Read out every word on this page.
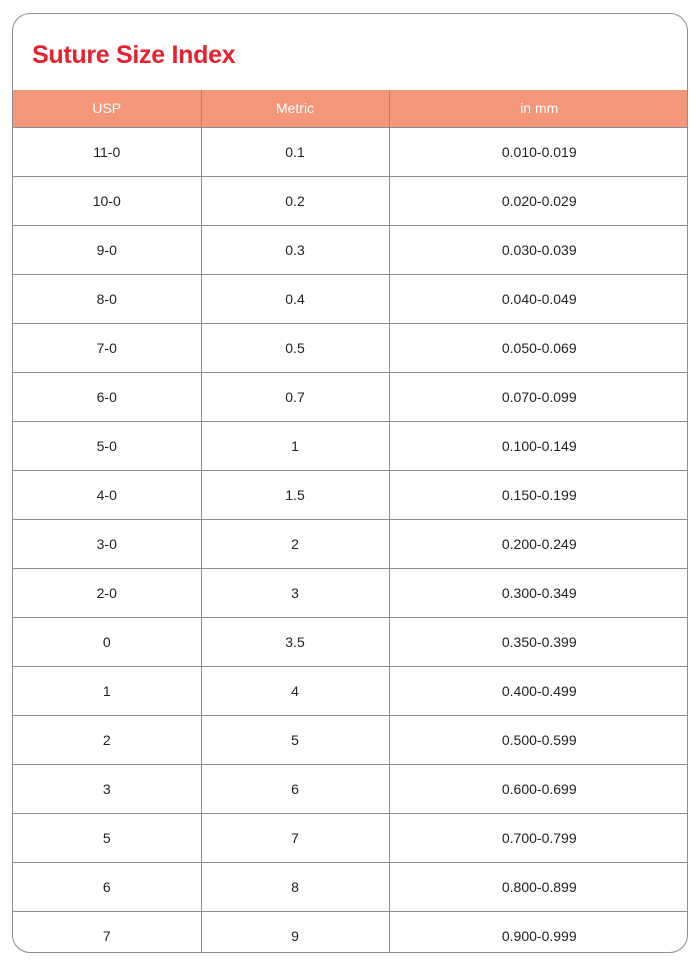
Suture Size Index
USP	Metric	in mm
11-0	0.1	0.010-0.019
10-0	0.2	0.020-0.029
9-0	0.3	0.030-0.039
8-0	0.4	0.040-0.049
7-0	0.5	0.050-0.069
6-0	0.7	0.070-0.099
5-0	1	0.100-0.149
4-0	1.5	0.150-0.199
3-0	2	0.200-0.249
2-0	3	0.300-0.349
0	3.5	0.350-0.399
1	4	0.400-0.499
2	5	0.500-0.599
3	6	0.600-0.699
5	7	0.700-0.799
6	8	0.800-0.899
7	9	0.900-0.999
